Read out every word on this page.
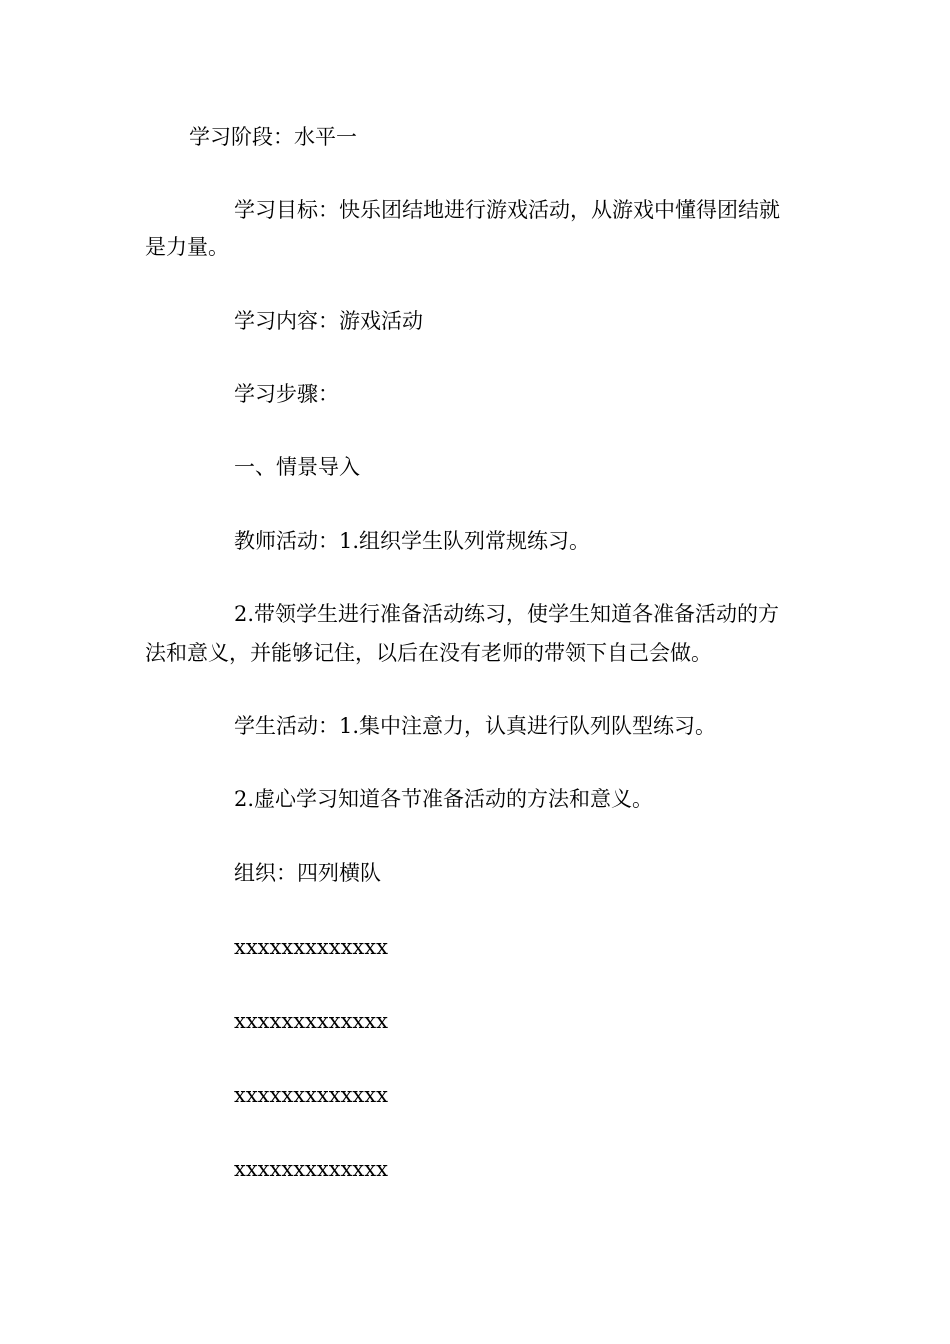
学习阶段：水平一
学习目标：快乐团结地进行游戏活动，从游戏中懂得团结就
是力量。
学习内容：游戏活动
学习步骤：
一、情景导入
教师活动：1.组织学生队列常规练习。
2.带领学生进行准备活动练习，使学生知道各准备活动的方
法和意义，并能够记住，以后在没有老师的带领下自己会做。
学生活动：1.集中注意力，认真进行队列队型练习。
2.虚心学习知道各节准备活动的方法和意义。
组织：四列横队
xxxxxxxxxxxxx
xxxxxxxxxxxxx
xxxxxxxxxxxxx
xxxxxxxxxxxxx
